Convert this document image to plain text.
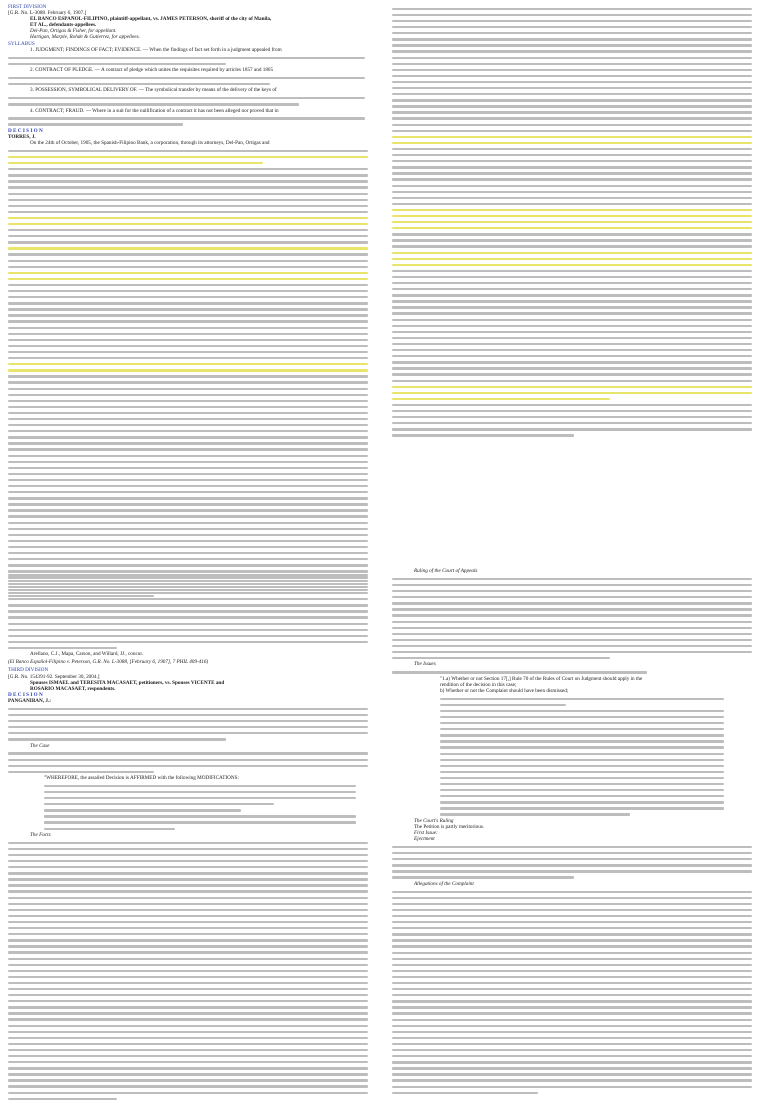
FIRST DIVISION
[G.R. No. L-3088. February 6, 1907.]
EL BANCO ESPAÑOL-FILIPINO, plaintiff-appellant, vs. JAMES PETERSON, sheriff of the city of Manila,
ET AL., defendants-appellees.
Del-Pan, Ortigas & Fisher, for appellant.
Hartigan, Marple, Rohde & Gutierrez, for appellees.
SYLLABUS
1. JUDGMENT; FINDINGS OF FACT; EVIDENCE. — When the findings of fact set forth in a judgment appealed from
2. CONTRACT OF PLEDGE. — A contract of pledge which unites the requisites required by articles 1857 and 1865
3. POSSESSION, SYMBOLICAL DELIVERY OF. — The symbolical transfer by means of the delivery of the keys of
4. CONTRACT; FRAUD. — Where in a suit for the nullification of a contract it has not been alleged nor proved that in
D E C I S I O N
TORRES, J.
On the 24th of October, 1905, the Spanish-Filipino Bank, a corporation, through its attorneys, Del-Pan, Ortigas and
Arellano, C.J., Mapa, Carson, and Willard, JJ., concur.
(El Banco Español-Filipino v. Peterson, G.R. No. L-3088, [February 6, 1907], 7 PHIL 409-416)
THIRD DIVISION
[G.R. No. 154391-92. September 30, 2004.]
Spouses ISMAEL and TERESITA MACASAET, petitioners, vs. Spouses VICENTE and
ROSARIO MACASAET, respondents.
D E C I S I O N
PANGANIBAN, J.:
The Case
"WHEREFORE, the assailed Decision is AFFIRMED with the following MODIFICATIONS:
The Facts
Ruling of the Court of Appeals
The Issues
"1.a) Whether or not Section 17[,] Rule 70 of the Rules of Court on Judgment should apply in the
rendition of the decision in this case;
b) Whether or not the Complaint should have been dismissed;
The Court's Ruling
The Petition is partly meritorious.
First Issue:
Ejectment
Allegations of the Complaint
